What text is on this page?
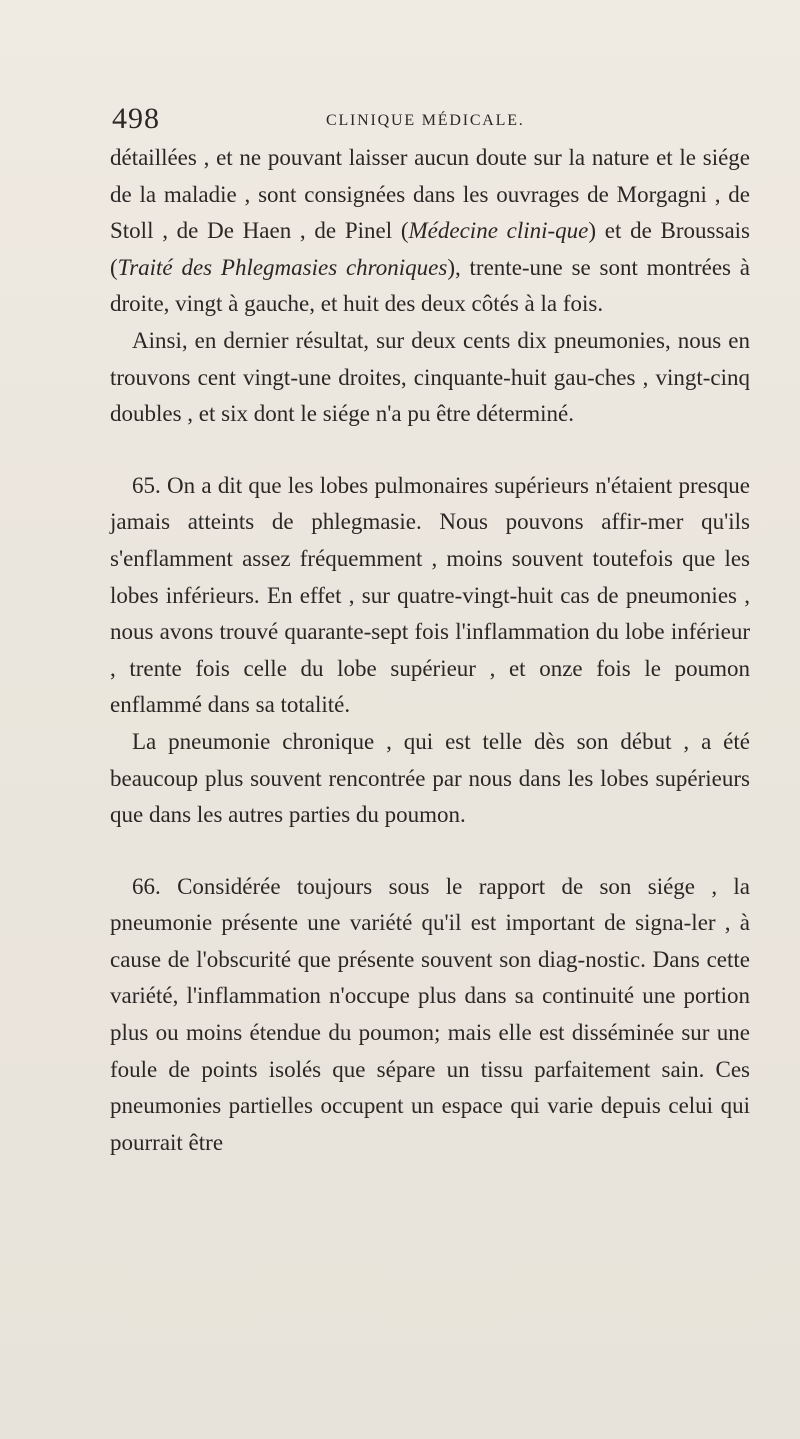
498	CLINIQUE MÉDICALE.

détaillées , et ne pouvant laisser aucun doute sur la nature et le siége de la maladie , sont consignées dans les ouvrages de Morgagni , de Stoll , de De Haen , de Pinel (Médecine clini-que) et de Broussais (Traité des Phlegmasies chroniques), trente-une se sont montrées à droite, vingt à gauche, et huit des deux côtés à la fois.

Ainsi, en dernier résultat, sur deux cents dix pneumonies, nous en trouvons cent vingt-une droites, cinquante-huit gau-ches , vingt-cinq doubles , et six dont le siége n'a pu être déterminé.

65. On a dit que les lobes pulmonaires supérieurs n'étaient presque jamais atteints de phlegmasie. Nous pouvons affir-mer qu'ils s'enflamment assez fréquemment , moins souvent toutefois que les lobes inférieurs. En effet , sur quatre-vingt-huit cas de pneumonies , nous avons trouvé quarante-sept fois l'inflammation du lobe inférieur , trente fois celle du lobe supérieur , et onze fois le poumon enflammé dans sa totalité.

La pneumonie chronique , qui est telle dès son début , a été beaucoup plus souvent rencontrée par nous dans les lobes supérieurs que dans les autres parties du poumon.

66. Considérée toujours sous le rapport de son siége , la pneumonie présente une variété qu'il est important de signa-ler , à cause de l'obscurité que présente souvent son diag-nostic. Dans cette variété, l'inflammation n'occupe plus dans sa continuité une portion plus ou moins étendue du poumon; mais elle est disséminée sur une foule de points isolés que sépare un tissu parfaitement sain. Ces pneumonies partielles occupent un espace qui varie depuis celui qui pourrait être
